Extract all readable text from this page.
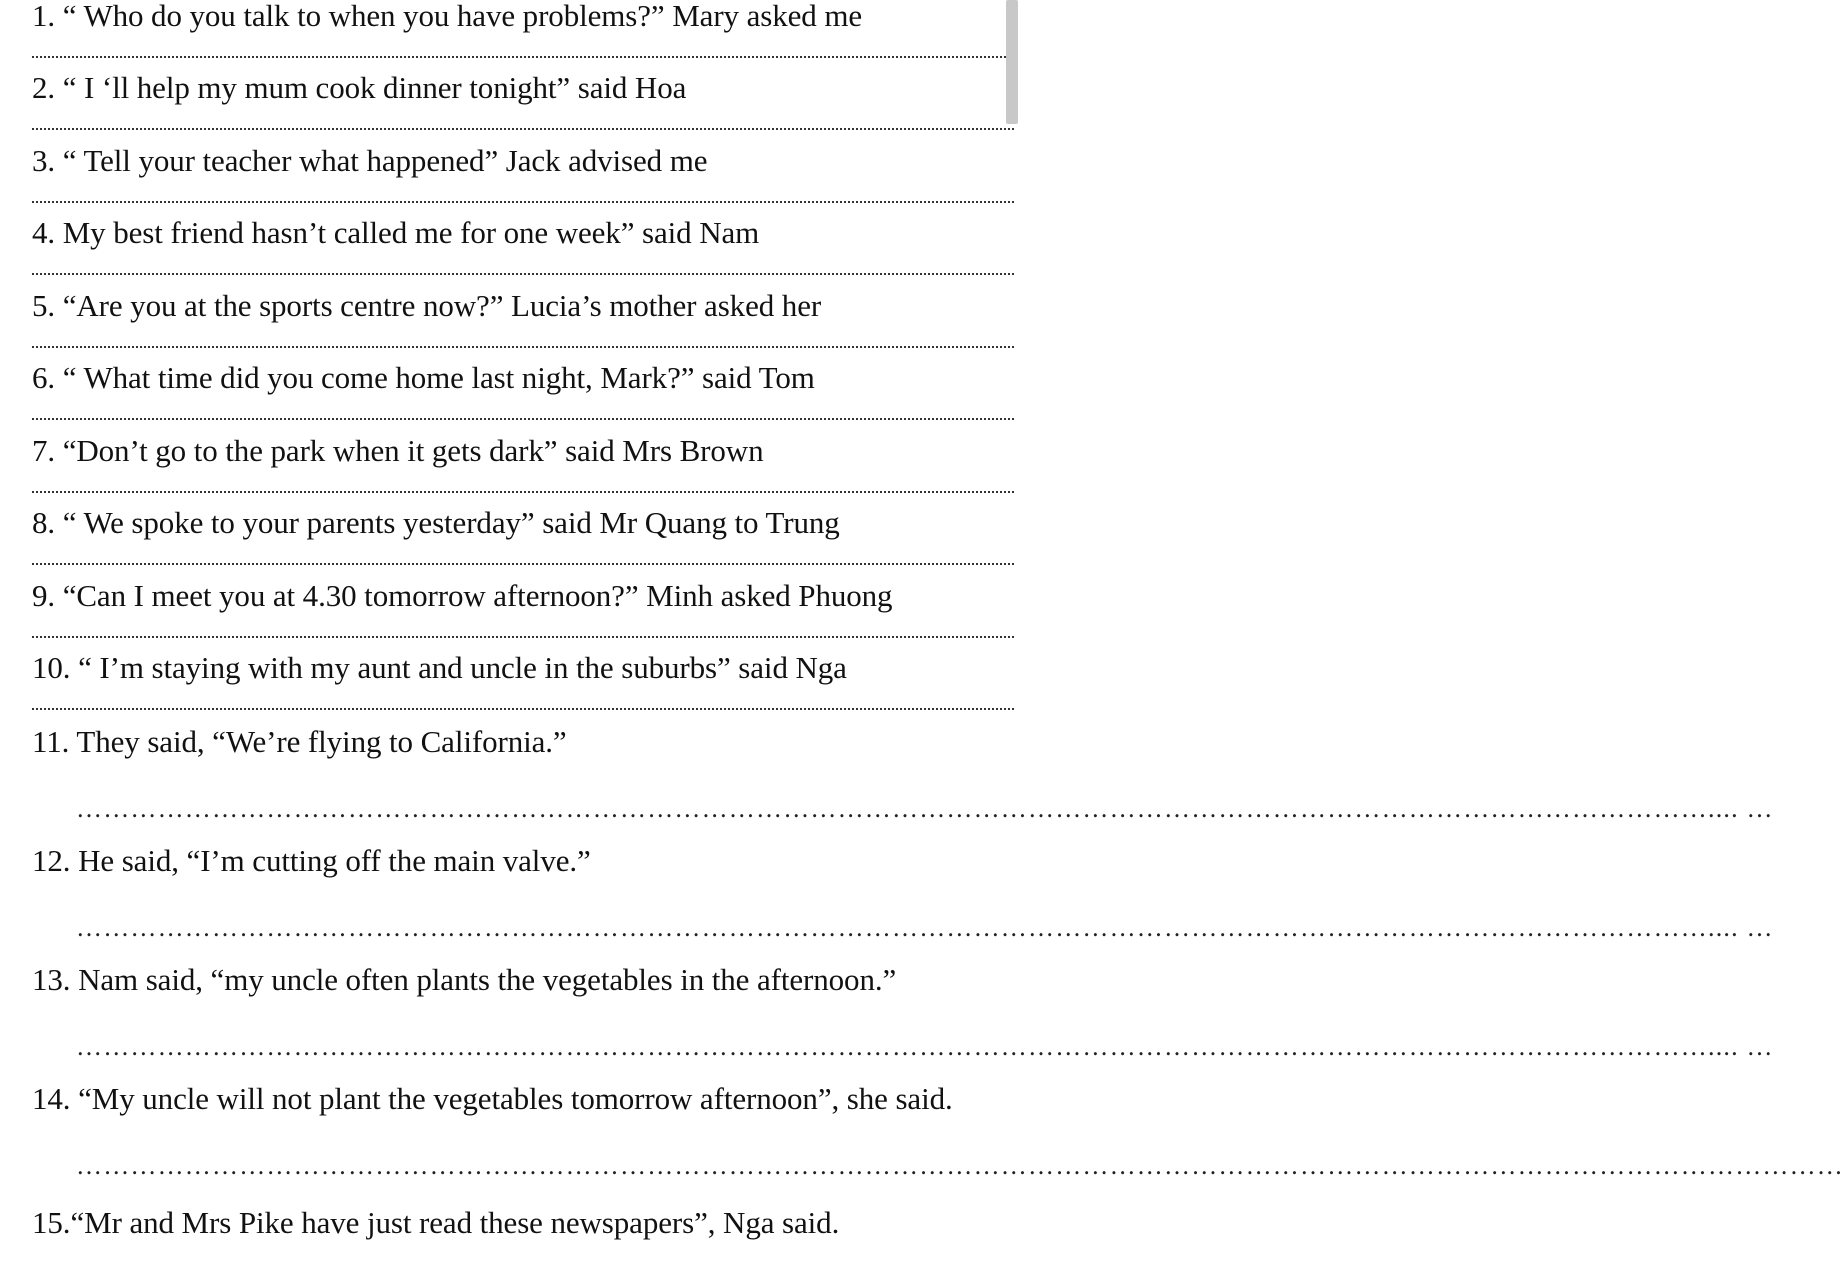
1. “ Who do you talk to when you have problems?” Mary asked me
2. “ I ‘ll help my mum cook dinner tonight” said Hoa
3. “ Tell your teacher what happened” Jack advised me
4. My best friend hasn’t called me for one week” said Nam
5. “Are you at the sports centre now?” Lucia’s mother asked her
6. “ What time did you come home last night, Mark?” said Tom
7. “Don’t go to the park when it gets dark” said Mrs Brown
8. “ We spoke to your parents yesterday” said Mr Quang to Trung
9. “Can I meet you at 4.30 tomorrow afternoon?” Minh asked Phuong
10. “ I’m staying with my aunt and uncle in the suburbs” said Nga
11. They said, “We’re flying to California.”
……………………………………………………………………………………………………………………………………………………………….... …
12. He said, “I’m cutting off the main valve.”
……………………………………………………………………………………………………………………………………………………………….... …
13. Nam said, “my uncle often plants the vegetables in the afternoon.”
……………………………………………………………………………………………………………………………………………………………….... …
14. “My uncle will not plant the vegetables tomorrow afternoon”, she said.
……………………………………………………………………………………………………………………………………………………………………………
15.“Mr and Mrs Pike have just read these newspapers”, Nga said.
